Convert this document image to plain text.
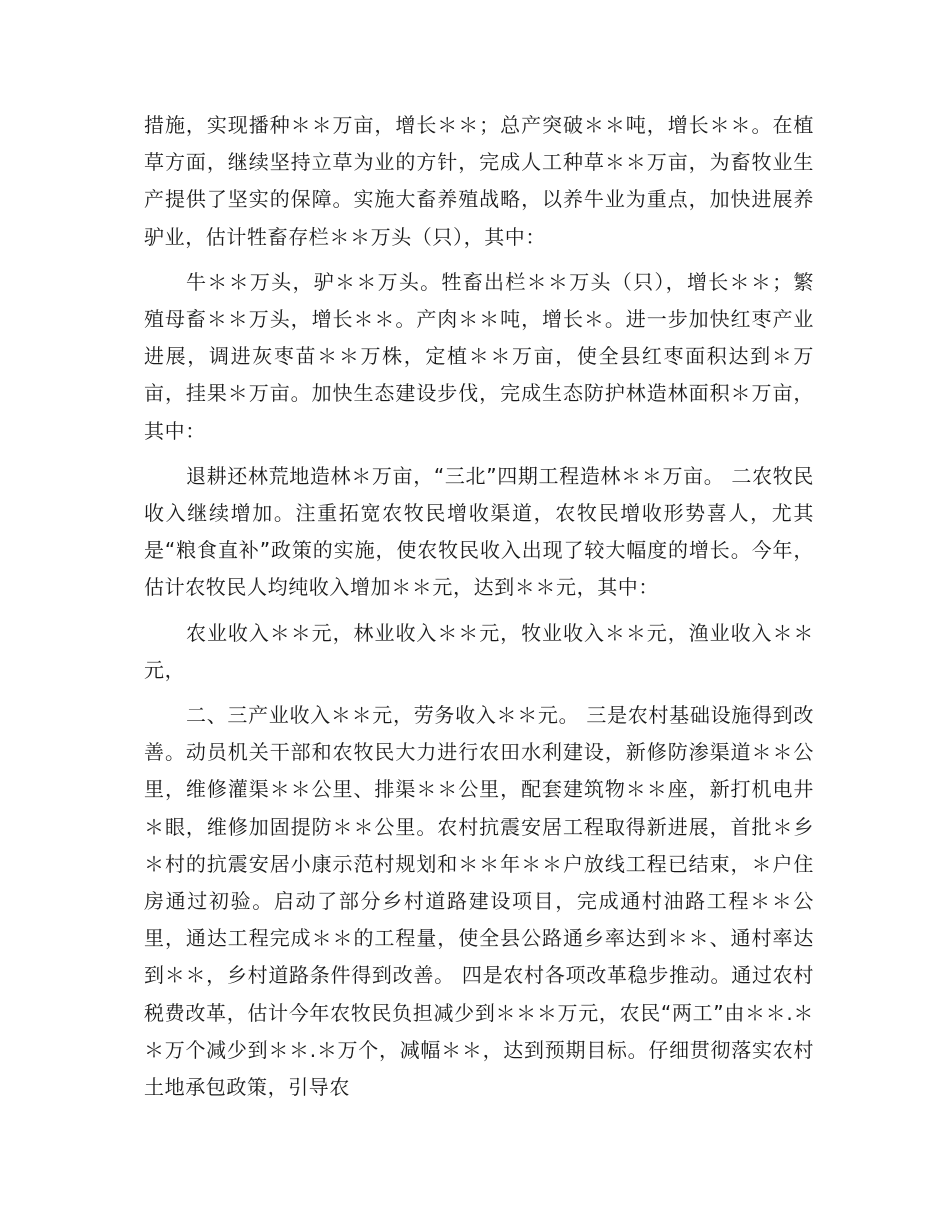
措施，实现播种＊＊万亩，增长＊＊；总产突破＊＊吨，增长＊＊。在植草方面，继续坚持立草为业的方针，完成人工种草＊＊万亩，为畜牧业生产提供了坚实的保障。实施大畜养殖战略，以养牛业为重点，加快进展养驴业，估计牲畜存栏＊＊万头（只），其中：

牛＊＊万头，驴＊＊万头。牲畜出栏＊＊万头（只），增长＊＊；繁殖母畜＊＊万头，增长＊＊。产肉＊＊吨，增长＊。进一步加快红枣产业进展，调进灰枣苗＊＊万株，定植＊＊万亩，使全县红枣面积达到＊万亩，挂果＊万亩。加快生态建设步伐，完成生态防护林造林面积＊万亩，其中：

退耕还林荒地造林＊万亩，“三北”四期工程造林＊＊万亩。 二农牧民收入继续增加。注重拓宽农牧民增收渠道，农牧民增收形势喜人，尤其是“粮食直补”政策的实施，使农牧民收入出现了较大幅度的增长。今年，估计农牧民人均纯收入增加＊＊元，达到＊＊元，其中：

农业收入＊＊元，林业收入＊＊元，牧业收入＊＊元，渔业收入＊＊元，

二、三产业收入＊＊元，劳务收入＊＊元。 三是农村基础设施得到改善。动员机关干部和农牧民大力进行农田水利建设，新修防渗渠道＊＊公里，维修灌渠＊＊公里、排渠＊＊公里，配套建筑物＊＊座，新打机电井＊眼，维修加固提防＊＊公里。农村抗震安居工程取得新进展，首批＊乡＊村的抗震安居小康示范村规划和＊＊年＊＊户放线工程已结束，＊户住房通过初验。启动了部分乡村道路建设项目，完成通村油路工程＊＊公里，通达工程完成＊＊的工程量，使全县公路通乡率达到＊＊、通村率达到＊＊，乡村道路条件得到改善。 四是农村各项改革稳步推动。通过农村税费改革，估计今年农牧民负担减少到＊＊＊万元，农民“两工”由＊＊.＊＊万个减少到＊＊.＊万个，减幅＊＊，达到预期目标。仔细贯彻落实农村土地承包政策，引导农
